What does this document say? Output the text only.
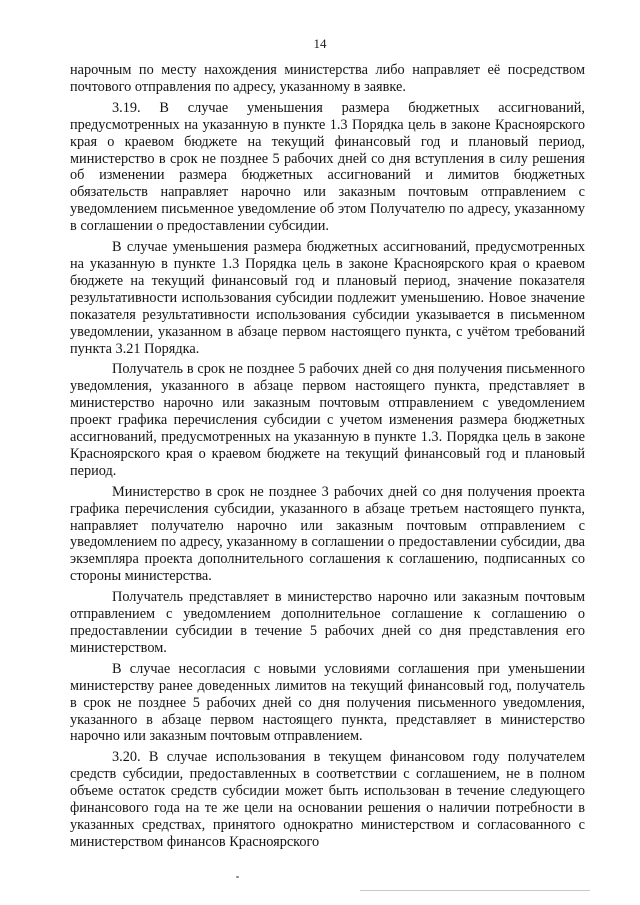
14

нарочным по месту нахождения министерства либо направляет её посредством почтового отправления по адресу, указанному в заявке.

3.19. В случае уменьшения размера бюджетных ассигнований, предусмотренных на указанную в пункте 1.3 Порядка цель в законе Красноярского края о краевом бюджете на текущий финансовый год и плановый период, министерство в срок не позднее 5 рабочих дней со дня вступления в силу решения об изменении размера бюджетных ассигнований и лимитов бюджетных обязательств направляет нарочно или заказным почтовым отправлением с уведомлением письменное уведомление об этом Получателю по адресу, указанному в соглашении о предоставлении субсидии.

В случае уменьшения размера бюджетных ассигнований, предусмотренных на указанную в пункте 1.3 Порядка цель в законе Красноярского края о краевом бюджете на текущий финансовый год и плановый период, значение показателя результативности использования субсидии подлежит уменьшению. Новое значение показателя результативности использования субсидии указывается в письменном уведомлении, указанном в абзаце первом настоящего пункта, с учётом требований пункта 3.21 Порядка.

Получатель в срок не позднее 5 рабочих дней со дня получения письменного уведомления, указанного в абзаце первом настоящего пункта, представляет в министерство нарочно или заказным почтовым отправлением с уведомлением проект графика перечисления субсидии с учетом изменения размера бюджетных ассигнований, предусмотренных на указанную в пункте 1.3. Порядка цель в законе Красноярского края о краевом бюджете на текущий финансовый год и плановый период.

Министерство в срок не позднее 3 рабочих дней со дня получения проекта графика перечисления субсидии, указанного в абзаце третьем настоящего пункта, направляет получателю нарочно или заказным почтовым отправлением с уведомлением по адресу, указанному в соглашении о предоставлении субсидии, два экземпляра проекта дополнительного соглашения к соглашению, подписанных со стороны министерства.

Получатель представляет в министерство нарочно или заказным почтовым отправлением с уведомлением дополнительное соглашение к соглашению о предоставлении субсидии в течение 5 рабочих дней со дня представления его министерством.

В случае несогласия с новыми условиями соглашения при уменьшении министерству ранее доведенных лимитов на текущий финансовый год, получатель в срок не позднее 5 рабочих дней со дня получения письменного уведомления, указанного в абзаце первом настоящего пункта, представляет в министерство нарочно или заказным почтовым отправлением.

3.20. В случае использования в текущем финансовом году получателем средств субсидии, предоставленных в соответствии с соглашением, не в полном объеме остаток средств субсидии может быть использован в течение следующего финансового года на те же цели на основании решения о наличии потребности в указанных средствах, принятого однократно министерством и согласованного с министерством финансов Красноярского
